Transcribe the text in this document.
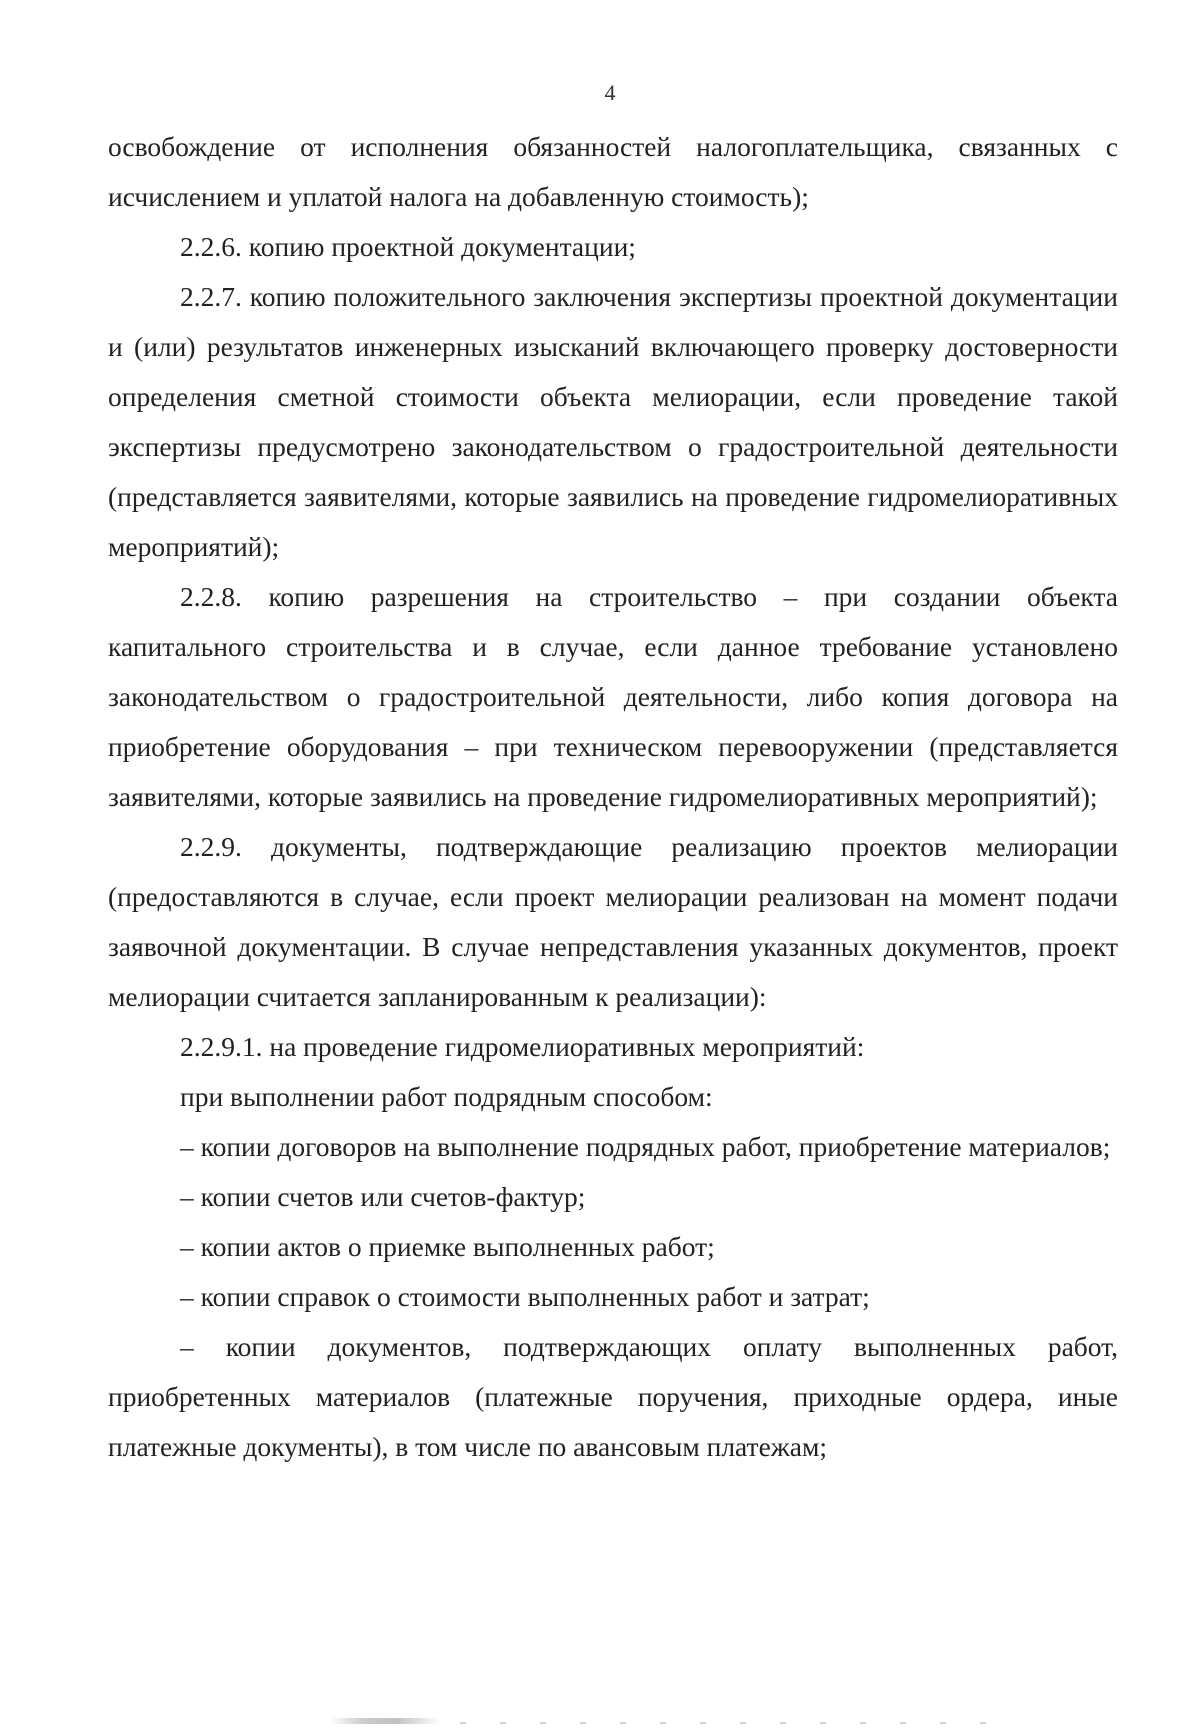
4

освобождение от исполнения обязанностей налогоплательщика, связанных с исчислением и уплатой налога на добавленную стоимость);

2.2.6. копию проектной документации;

2.2.7. копию положительного заключения экспертизы проектной документации и (или) результатов инженерных изысканий включающего проверку достоверности определения сметной стоимости объекта мелиорации, если проведение такой экспертизы предусмотрено законодательством о градостроительной деятельности (представляется заявителями, которые заявились на проведение гидромелиоративных мероприятий);

2.2.8. копию разрешения на строительство – при создании объекта капитального строительства и в случае, если данное требование установлено законодательством о градостроительной деятельности, либо копия договора на приобретение оборудования – при техническом перевооружении (представляется заявителями, которые заявились на проведение гидромелиоративных мероприятий);

2.2.9. документы, подтверждающие реализацию проектов мелиорации (предоставляются в случае, если проект мелиорации реализован на момент подачи заявочной документации. В случае непредставления указанных документов, проект мелиорации считается запланированным к реализации):

2.2.9.1. на проведение гидромелиоративных мероприятий:

при выполнении работ подрядным способом:

– копии договоров на выполнение подрядных работ, приобретение материалов;

– копии счетов или счетов-фактур;

– копии актов о приемке выполненных работ;

– копии справок о стоимости выполненных работ и затрат;

– копии документов, подтверждающих оплату выполненных работ, приобретенных материалов (платежные поручения, приходные ордера, иные платежные документы), в том числе по авансовым платежам;
